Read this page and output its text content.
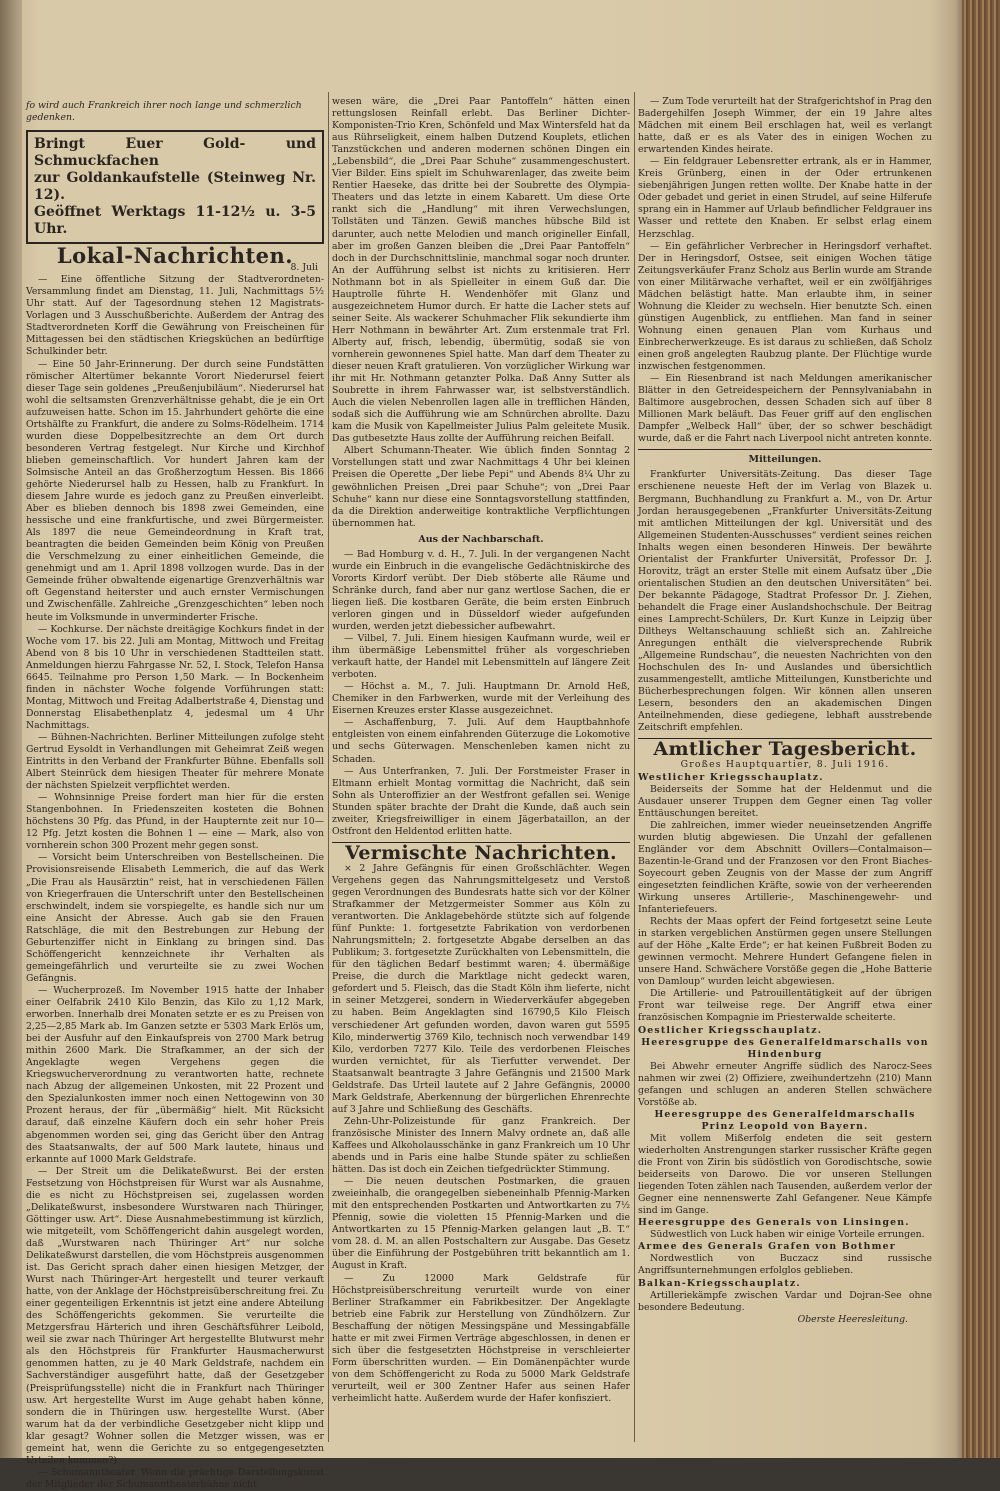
fo wird auch Frankreich ihrer noch lange und schmerzlich
gedenken.
Bringt Euer Gold- und Schmuckfachen
zur Goldankaufstelle (Steinweg Nr. 12).
Geöffnet Werktags 11-12½ u. 3-5 Uhr.
Lokal-Nachrichten.
8. Juli

— Eine öffentliche Sitzung der Stadtverordneten-Versammlung findet am Dienstag, 11. Juli, Nachmittags 5½ Uhr statt. Auf der Tagesordnung stehen 12 Magistrats-Vorlagen und 3 Ausschußberichte. Außerdem der Antrag des Stadtverordneten Korff die Gewährung von Freischeinen für Mittagessen bei den städtischen Kriegsküchen an bedürftige Schulkinder betr.

— Eine 50 Jahr-Erinnerung. Der durch seine Fundstätten römischer Altertümer bekannte Vorort Niederursel feiert dieser Tage sein goldenes „Preußenjubiläum“. Niederursel hat wohl die seltsamsten Grenzverhältnisse gehabt, die je ein Ort aufzuweisen hatte. Schon im 15. Jahrhundert gehörte die eine Ortshälfte zu Frankfurt, die andere zu Solms-Rödelheim. 1714 wurden diese Doppelbesitzrechte an dem Ort durch besonderen Vertrag festgelegt. Nur Kirche und Kirchhof blieben gemeinschaftlich. Vor hundert Jahren kam der Solmsische Anteil an das Großherzogtum Hessen. Bis 1866 gehörte Niederursel halb zu Hessen, halb zu Frankfurt. In diesem Jahre wurde es jedoch ganz zu Preußen einverleibt. Aber es blieben dennoch bis 1898 zwei Gemeinden, eine hessische und eine frankfurtische, und zwei Bürgermeister. Als 1897 die neue Gemeindeordnung in Kraft trat, beantragten die beiden Gemeinden beim König von Preußen die Verschmelzung zu einer einheitlichen Gemeinde, die genehmigt und am 1. April 1898 vollzogen wurde. Das in der Gemeinde früher obwaltende eigenartige Grenzverhältnis war oft Gegenstand heiterster und auch ernster Vermischungen und Zwischenfälle. Zahlreiche „Grenzgeschichten“ leben noch heute im Volksmunde in unverminderter Frische.

— Kochkurse. Der nächste dreitägige Kochkurs findet in der Woche vom 17. bis 22. Juli am Montag, Mittwoch und Freitag Abend von 8 bis 10 Uhr in verschiedenen Stadtteilen statt. Anmeldungen hierzu Fahrgasse Nr. 52, I. Stock, Telefon Hansa 6645. Teilnahme pro Person 1,50 Mark. — In Bockenheim finden in nächster Woche folgende Vorführungen statt: Montag, Mittwoch und Freitag Adalbertstraße 4, Dienstag und Donnerstag Elisabethenplatz 4, jedesmal um 4 Uhr Nachmittags.

— Bühnen-Nachrichten. Berliner Mitteilungen zufolge steht Gertrud Eysoldt in Verhandlungen mit Geheimrat Zeiß wegen Eintritts in den Verband der Frankfurter Bühne. Ebenfalls soll Albert Steinrück dem hiesigen Theater für mehrere Monate der nächsten Spielzeit verpflichtet werden.

— Wohnsinnige Preise fordert man hier für die ersten Stangenbohnen. In Friedenszeiten kosteten die Bohnen höchstens 30 Pfg. das Pfund, in der Haupternte zeit nur 10—12 Pfg. Jetzt kosten die Bohnen 1 — eine — Mark, also von vornherein schon 300 Prozent mehr gegen sonst.

— Vorsicht beim Unterschreiben von Bestellscheinen. Die Provisionsreisende Elisabeth Lemmerich, die auf das Werk „Die Frau als Hausärztin“ reist, hat in verschiedenen Fällen von Kriegerfrauen die Unterschrift unter den Bestellscheinen erschwindelt, indem sie vorspiegelte, es handle sich nur um eine Ansicht der Abresse. Auch gab sie den Frauen Ratschläge, die mit den Bestrebungen zur Hebung der Geburtenziffer nicht in Einklang zu bringen sind. Das Schöffengericht kennzeichnete ihr Verhalten als gemeingefährlich und verurteilte sie zu zwei Wochen Gefängnis.

— Wucherprozeß. Im November 1915 hatte der Inhaber einer Oelfabrik 2410 Kilo Benzin, das Kilo zu 1,12 Mark, erworben. Innerhalb drei Monaten setzte er es zu Preisen von 2,25—2,85 Mark ab. Im Ganzen setzte er 5303 Mark Erlös um, bei der Ausfuhr auf den Einkaufspreis von 2700 Mark betrug mithin 2600 Mark. Die Strafkammer, an der sich der Angeklagte wegen Vergehens gegen die Kriegswucherverordnung zu verantworten hatte, rechnete nach Abzug der allgemeinen Unkosten, mit 22 Prozent und den Spezialunkosten immer noch einen Nettogewinn von 30 Prozent heraus, der für „übermäßig“ hielt. Mit Rücksicht darauf, daß einzelne Käufern doch ein sehr hoher Preis abgenommen worden sei, ging das Gericht über den Antrag des Staatsanwalts, der auf 500 Mark lautete, hinaus und erkannte auf 1000 Mark Geldstrafe.

— Der Streit um die Delikateßwurst. Bei der ersten Festsetzung von Höchstpreisen für Wurst war als Ausnahme, die es nicht zu Höchstpreisen sei, zugelassen worden „Delikateßwurst, insbesondere Wurstwaren nach Thüringer, Göttinger usw. Art“. Diese Ausnahmebestimmung ist kürzlich, wie mitgeteilt, vom Schöffengericht dahin ausgelegt worden, daß „Wurstwaren nach Thüringer Art“ nur solche Delikateßwurst darstellen, die vom Höchstpreis ausgenommen ist. Das Gericht sprach daher einen hiesigen Metzger, der Wurst nach Thüringer-Art hergestellt und teurer verkauft hatte, von der Anklage der Höchstpreisüberschreitung frei. Zu einer gegenteiligen Erkenntnis ist jetzt eine andere Abteilung des Schöffengerichts gekommen. Sie verurteilte die Metzgersfrau Härterich und ihren Geschäftsführer Leibold, weil sie zwar nach Thüringer Art hergestellte Blutwurst mehr als den Höchstpreis für Frankfurter Hausmacherwurst genommen hatten, zu je 40 Mark Geldstrafe, nachdem ein Sachverständiger ausgeführt hatte, daß der Gesetzgeber (Preisprüfungsstelle) nicht die in Frankfurt nach Thüringer usw. Art hergestellte Wurst im Auge gehabt haben könne, sondern die in Thüringen usw. hergestellte Wurst. (Aber warum hat da der verbindliche Gesetzgeber nicht klipp und klar gesagt? Wohner sollen die Metzger wissen, was er gemeint hat, wenn die Gerichte zu so entgegengesetzten Urteilen kommen?)

— Schumanntheater. Wenn die prächtige Darstellungskunst der Mitglieder der Schumanntheaterbühne nicht

wesen wäre, die „Drei Paar Pantoffeln“ hätten einen rettungslosen Reinfall erlebt. Das Berliner Dichter-Komponisten-Trio Kren, Schönfeld und Max Wintersfeld hat da aus Rührseligkeit, einem halben Dutzend Kouplets, etlichen Tanzstückchen und anderen modernen schönen Dingen ein „Lebensbild“, die „Drei Paar Schuhe“ zusammengeschustert. Vier Bilder. Eins spielt im Schuhwarenlager, das zweite beim Rentier Haeseke, das dritte bei der Soubrette des Olympia-Theaters und das letzte in einem Kabarett. Um diese Orte rankt sich die „Handlung“ mit ihren Verwechslungen, Tollstäten und Tänzen. Gewiß manches hübsche Bild ist darunter, auch nette Melodien und manch origineller Einfall, aber im großen Ganzen bleiben die „Drei Paar Pantoffeln“ doch in der Durchschnittslinie, manchmal sogar noch drunter. An der Aufführung selbst ist nichts zu kritisieren. Herr Nothmann bot in als Spielleiter in einem Guß dar. Die Hauptrolle führte H. Wendenhöfer mit Glanz und ausgezeichnetem Humor durch. Er hatte die Lacher stets auf seiner Seite. Als wackerer Schuhmacher Flik sekundierte ihm Herr Nothmann in bewährter Art. Zum erstenmale trat Frl. Alberty auf, frisch, lebendig, übermütig, sodaß sie von vornherein gewonnenes Spiel hatte. Man darf dem Theater zu dieser neuen Kraft gratulieren. Von vorzüglicher Wirkung war ihr mit Hr. Nothmann getanzter Polka. Daß Anny Sutter als Soubrette in ihrem Fahrwasser war, ist selbstverständlich. Auch die vielen Nebenrollen lagen alle in trefflichen Händen, sodaß sich die Aufführung wie am Schnürchen abrollte. Dazu kam die Musik von Kapellmeister Julius Palm geleitete Musik. Das gutbesetzte Haus zollte der Aufführung reichen Beifall.

Albert Schumann-Theater. Wie üblich finden Sonntag 2 Vorstellungen statt und zwar Nachmittags 4 Uhr bei kleinen Preisen die Operette „Der liebe Pepi“ und Abends 8¼ Uhr zu gewöhnlichen Preisen „Drei paar Schuhe“; von „Drei Paar Schuhe“ kann nur diese eine Sonntagsvorstellung stattfinden, da die Direktion anderweitige kontraktliche Verpflichtungen übernommen hat.

Aus der Nachbarschaft.

— Bad Homburg v. d. H., 7. Juli. In der vergangenen Nacht wurde ein Einbruch in die evangelische Gedächtniskirche des Vororts Kirdorf verübt. Der Dieb stöberte alle Räume und Schränke durch, fand aber nur ganz wertlose Sachen, die er liegen ließ. Die kostbaren Geräte, die beim ersten Einbruch verloren gingen und in Düsseldorf wieder aufgefunden wurden, werden jetzt diebessicher aufbewahrt.

— Vilbel, 7. Juli. Einem hiesigen Kaufmann wurde, weil er ihm übermäßige Lebensmittel früher als vorgeschrieben verkauft hatte, der Handel mit Lebensmitteln auf längere Zeit verboten.

— Höchst a. M., 7. Juli. Hauptmann Dr. Arnold Heß, Chemiker in den Farbwerken, wurde mit der Verleihung des Eisernen Kreuzes erster Klasse ausgezeichnet.

— Aschaffenburg, 7. Juli. Auf dem Hauptbahnhofe entgleisten von einem einfahrenden Güterzuge die Lokomotive und sechs Güterwagen. Menschenleben kamen nicht zu Schaden.

— Aus Unterfranken, 7. Juli. Der Forstmeister Fraser in Eltmann erhielt Montag vormittag die Nachricht, daß sein Sohn als Unteroffizier an der Westfront gefallen sei. Wenige Stunden später brachte der Draht die Kunde, daß auch sein zweiter, Kriegsfreiwilliger in einem Jägerbataillon, an der Ostfront den Heldentod erlitten hatte.

Vermischte Nachrichten.

⨯ 2 Jahre Gefängnis für einen Großschlächter. Wegen Vergehens gegen das Nahrungsmittelgesetz und Verstoß gegen Verordnungen des Bundesrats hatte sich vor der Kölner Strafkammer der Metzgermeister Sommer aus Köln zu verantworten. Die Anklagebehörde stützte sich auf folgende fünf Punkte: 1. fortgesetzte Fabrikation von verdorbenen Nahrungsmitteln; 2. fortgesetzte Abgabe derselben an das Publikum; 3. fortgesetzte Zurückhalten von Lebensmitteln, die für den täglichen Bedarf bestimmt waren; 4. übermäßige Preise, die durch die Marktlage nicht gedeckt waren, gefordert und 5. Fleisch, das die Stadt Köln ihm lieferte, nicht in seiner Metzgerei, sondern in Wiederverkäufer abgegeben zu haben. Beim Angeklagten sind 16790,5 Kilo Fleisch verschiedener Art gefunden worden, davon waren gut 5595 Kilo, minderwertig 3769 Kilo, technisch noch verwendbar 149 Kilo, verdorben 7277 Kilo. Teile des verdorbenen Fleisches wurden vernichtet, für als Tierfutter verwendet. Der Staatsanwalt beantragte 3 Jahre Gefängnis und 21500 Mark Geldstrafe. Das Urteil lautete auf 2 Jahre Gefängnis, 20000 Mark Geldstrafe, Aberkennung der bürgerlichen Ehrenrechte auf 3 Jahre und Schließung des Geschäfts.

Zehn-Uhr-Polizeistunde für ganz Frankreich. Der französische Minister des Innern Malvy ordnete an, daß alle Kaffees und Alkoholausschänke in ganz Frankreich um 10 Uhr abends und in Paris eine halbe Stunde später zu schließen hätten. Das ist doch ein Zeichen tiefgedrückter Stimmung.

— Die neuen deutschen Postmarken, die grauen zweieinhalb, die orangegelben siebeneinhalb Pfennig-Marken mit den entsprechenden Postkarten und Antwortkarten zu 7½ Pfennig, sowie die violetten 15 Pfennig-Marken und die Antwortkarten zu 15 Pfennig-Marken gelangen laut „B. T.“ vom 28. d. M. an allen Postschaltern zur Ausgabe. Das Gesetz über die Einführung der Postgebühren tritt bekanntlich am 1. August in Kraft.

— Zu 12000 Mark Geldstrafe für Höchstpreisüberschreitung verurteilt wurde von einer Berliner Strafkammer ein Fabrikbesitzer. Der Angeklagte betrieb eine Fabrik zur Herstellung von Zündhölzern. Zur Beschaffung der nötigen Messingspäne und Messingabfälle hatte er mit zwei Firmen Verträge abgeschlossen, in denen er sich über die festgesetzten Höchstpreise in verschleierter Form überschritten wurden. — Ein Domänenpächter wurde von dem Schöffengericht zu Roda zu 5000 Mark Geldstrafe verurteilt, weil er 300 Zentner Hafer aus seinen Hafer verheimlicht hatte. Außerdem wurde der Hafer konfisziert.

— Zum Tode verurteilt hat der Strafgerichtshof in Prag den Badergehilfen Joseph Wimmer, der ein 19 Jahre altes Mädchen mit einem Beil erschlagen hat, weil es verlangt hatte, daß er es als Vater des in einigen Wochen zu erwartenden Kindes heirate.

— Ein feldgrauer Lebensretter ertrank, als er in Hammer, Kreis Grünberg, einen in der Oder ertrunkenen siebenjährigen Jungen retten wollte. Der Knabe hatte in der Oder gebadet und geriet in einen Strudel, auf seine Hilferufe sprang ein in Hammer auf Urlaub befindlicher Feldgrauer ins Wasser und rettete den Knaben. Er selbst erlag einem Herzschlag.

— Ein gefährlicher Verbrecher in Heringsdorf verhaftet. Der in Heringsdorf, Ostsee, seit einigen Wochen tätige Zeitungsverkäufer Franz Scholz aus Berlin wurde am Strande von einer Militärwache verhaftet, weil er ein zwölfjähriges Mädchen belästigt hatte. Man erlaubte ihm, in seiner Wohnung die Kleider zu wechseln. Hier benutzte Sch. einen günstigen Augenblick, zu entfliehen. Man fand in seiner Wohnung einen genauen Plan vom Kurhaus und Einbrecherwerkzeuge. Es ist daraus zu schließen, daß Scholz einen groß angelegten Raubzug plante. Der Flüchtige wurde inzwischen festgenommen.

— Ein Riesenbrand ist nach Meldungen amerikanischer Blätter in den Getreidespeichern der Pennsylvaniabahn in Baltimore ausgebrochen, dessen Schaden sich auf über 8 Millionen Mark beläuft. Das Feuer griff auf den englischen Dampfer „Welbeck Hall“ über, der so schwer beschädigt wurde, daß er die Fahrt nach Liverpool nicht antreten konnte.

Mitteilungen.

Frankfurter Universitäts-Zeitung. Das dieser Tage erschienene neueste Heft der im Verlag von Blazek u. Bergmann, Buchhandlung zu Frankfurt a. M., von Dr. Artur Jordan herausgegebenen „Frankfurter Universitäts-Zeitung mit amtlichen Mitteilungen der kgl. Universität und des Allgemeinen Studenten-Ausschusses“ verdient seines reichen Inhalts wegen einen besonderen Hinweis. Der bewährte Orientalist der Frankfurter Universität, Professor Dr. J. Horovitz, trägt an erster Stelle mit einem Aufsatz über „Die orientalischen Studien an den deutschen Universitäten“ bei. Der bekannte Pädagoge, Stadtrat Professor Dr. J. Ziehen, behandelt die Frage einer Auslandshochschule. Der Beitrag eines Lamprecht-Schülers, Dr. Kurt Kunze in Leipzig über Diltheys Weltanschauung schließt sich an. Zahlreiche Anregungen enthält die vielversprechende Rubrik „Allgemeine Rundschau“, die neuesten Nachrichten von den Hochschulen des In- und Auslandes und übersichtlich zusammengestellt, amtliche Mitteilungen, Kunstberichte und Bücherbesprechungen folgen. Wir können allen unseren Lesern, besonders den an akademischen Dingen Anteilnehmenden, diese gediegene, lebhaft ausstrebende Zeitschrift empfehlen.

Amtlicher Tagesbericht.
Großes Hauptquartier, 8. Juli 1916.
Westlicher Kriegsschauplatz.

Beiderseits der Somme hat der Heldenmut und die Ausdauer unserer Truppen dem Gegner einen Tag voller Enttäuschungen bereitet.

Die zahlreichen, immer wieder neueinsetzenden Angriffe wurden blutig abgewiesen. Die Unzahl der gefallenen Engländer vor dem Abschnitt Ovillers—Contalmaison—Bazentin-le-Grand und der Franzosen vor den Front Biaches-Soyecourt geben Zeugnis von der Masse der zum Angriff eingesetzten feindlichen Kräfte, sowie von der verheerenden Wirkung unseres Artillerie-, Maschinengewehr- und Infanteriefeuers.

Rechts der Maas opfert der Feind fortgesetzt seine Leute in starken vergeblichen Anstürmen gegen unsere Stellungen auf der Höhe „Kalte Erde“; er hat keinen Fußbreit Boden zu gewinnen vermocht. Mehrere Hundert Gefangene fielen in unsere Hand. Schwächere Vorstöße gegen die „Hohe Batterie von Damloup“ wurden leicht abgewiesen.

Die Artillerie- und Patrouillentätigkeit auf der übrigen Front war teilweise rege. Der Angriff etwa einer französischen Kompagnie im Priesterwalde scheiterte.

Oestlicher Kriegsschauplatz.
Heeresgruppe des Generalfeldmarschalls von Hindenburg

Bei Abwehr erneuter Angriffe südlich des Narocz-Sees nahmen wir zwei (2) Offiziere, zweihundertzehn (210) Mann gefangen und schlugen an anderen Stellen schwächere Vorstöße ab.

Heeresgruppe des Generalfeldmarschalls Prinz Leopold von Bayern.

Mit vollem Mißerfolg endeten die seit gestern wiederholten Anstrengungen starker russischer Kräfte gegen die Front von Zirin bis südöstlich von Gorodischtsche, sowie beiderseits von Darowo. Die vor unseren Stellungen liegenden Toten zählen nach Tausenden, außerdem verlor der Gegner eine nennenswerte Zahl Gefangener. Neue Kämpfe sind im Gange.

Heeresgruppe des Generals von Linsingen.

Südwestlich von Luck haben wir einige Vorteile errungen.

Armee des Generals Grafen von Bothmer

Nordwestlich von Buczacz sind russische Angriffsunternehmungen erfolglos geblieben.

Balkan-Kriegsschauplatz.

Artilleriekämpfe zwischen Vardar und Dojran-See ohne besondere Bedeutung.

Oberste Heeresleitung.
